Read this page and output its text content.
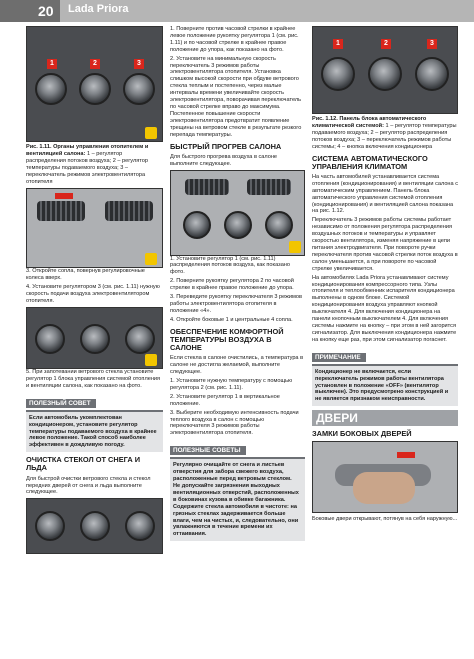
20	Lada Priora
1	2	3
Рис. 1.11. Органы управления отопителем и вентиляцией салона: 1 – регулятор распределения потоков воздуха; 2 – регулятор температуры подаваемого воздуха; 3 – переключатель режимов электровентилятора отопителя

3. Откройте сопла, повернув регулировочные колеса вверх.

4. Установите регулятором 3 (см. рис. 1.11) нужную скорость подачи воздуха электровентилятором отопителя.

5. При запотевании ветрового стекла установите регулятор 1 блока управления системой отопления и вентиляции салона, как показано на фото.

ПОЛЕЗНЫЙ СОВЕТ
Если автомобиль укомплектован кондиционером, установите регулятор температуры подаваемого воздуха в крайнее левое положение. Такой способ наиболее эффективен в дождливую погоду.
ОЧИСТКА СТЕКОЛ ОТ СНЕГА И ЛЬДА

Для быстрой очистки ветрового стекла и стекол передних дверей от снега и льда выполните следующее.

1. Поверните против часовой стрелки в крайнее левое положение рукоятку регулятора 1 (см. рис. 1.11) и по часовой стрелке в крайнее правое положение до упора, как показано на фото.

2. Установите на минимальную скорость переключатель 3 режимов работы электровентилятора отопителя. Установка слишком высокой скорости при обдуве ветрового стекла теплым и постепенно, через малые интервалы времени увеличивайте скорость электровентилятора, поворачивая переключатель по часовой стрелке вправо до максимума. Постепенное повышение скорости электровентилятора предотвратит появление трещины на ветровом стекле в результате резкого перепада температуры.

БЫСТРЫЙ ПРОГРЕВ САЛОНА

Для быстрого прогрева воздуха в салоне выполните следующее.

1. Установите регулятор 1 (см. рис. 1.11) распределения потоков воздуха, как показано фото.

2. Поверните рукоятку регулятора 2 по часовой стрелке в крайнее правое положение до упора.

3. Переведите рукоятку переключателя 3 режимов работы электровентилятора отопителя в положение «4».

4. Откройте боковые 1 и центральные 4 сопла.

ОБЕСПЕЧЕНИЕ КОМФОРТНОЙ ТЕМПЕРАТУРЫ ВОЗДУХА В САЛОНЕ

Если стекла в салоне очистились, а температура в салоне не достигла желаемой, выполните следующее.

1. Установите нужную температуру с помощью регулятора 2 (см. рис. 1.11).

2. Установите регулятор 1 в вертикальное положение.

3. Выберите необходимую интенсивность подачи теплого воздуха в салон с помощью переключателя 3 режимов работы электровентилятора отопителя.

ПОЛЕЗНЫЕ СОВЕТЫ
Регулярно очищайте от снега и листьев отверстия для забора свежего воздуха, расположенные перед ветровым стеклом.
Не допускайте загрязнения выходных вентиляционных отверстий, расположенных в боковинах кузова в обивке багажника.
Содержите стекла автомобиля в чистоте: на грязных стеклах задерживается больше влаги, чем на чистых, и, следовательно, они увлажняются в течение времени их оттаивания.
1	2	3
Рис. 1.12. Панель блока автоматического климатической системой: 1 – регулятор температуры подаваемого воздуха; 2 – регулятор распределения потоков воздуха; 3 – переключатель режимов работы системы; 4 – кнопка включения кондиционера
СИСТЕМА АВТОМАТИЧЕСКОГО УПРАВЛЕНИЯ КЛИМАТОМ

На часть автомобилей устанавливается система отопления (кондиционирования) и вентиляции салона с автоматическим управлением. Панель блока автоматического управления системой отопления (кондиционирования) и вентиляцией салона показана на рис. 1.12.

Переключатель 3 режимов работы системы работает независимо от положения регулятора распределения воздушных потоков и температуры и управляет скоростью вентилятора, изменяя напряжение в цепи питания электродвигателя. При повороте ручки переключателя против часовой стрелки поток воздуха в салон уменьшается, а при повороте по часовой стрелке увеличивается.

На автомобилях Lada Priora устанавливают систему кондиционирования компрессорного типа. Узлы отопителя и теплообменник испарителя кондиционера выполнены в одном блоке. Системой кондиционирования воздуха управляют кнопкой выключателя 4. Для включения кондиционера на панели кнопочным выключателем 4. Для включения системы нажмите на кнопку – при этом в ней загорится сигнализатор. Для выключения кондиционера нажмите на кнопку еще раз, при этом сигнализатор погаснет.

ПРИМЕЧАНИЕ
Кондиционер не включается, если переключатель режимов работы вентилятора установлен в положение «OFF» (вентилятор выключен). Это предусмотрено конструкцией и не является признаком неисправности.
ДВЕРИ
ЗАМКИ БОКОВЫХ ДВЕРЕЙ

Боковые двери открывают, потянув на себя наружную...
